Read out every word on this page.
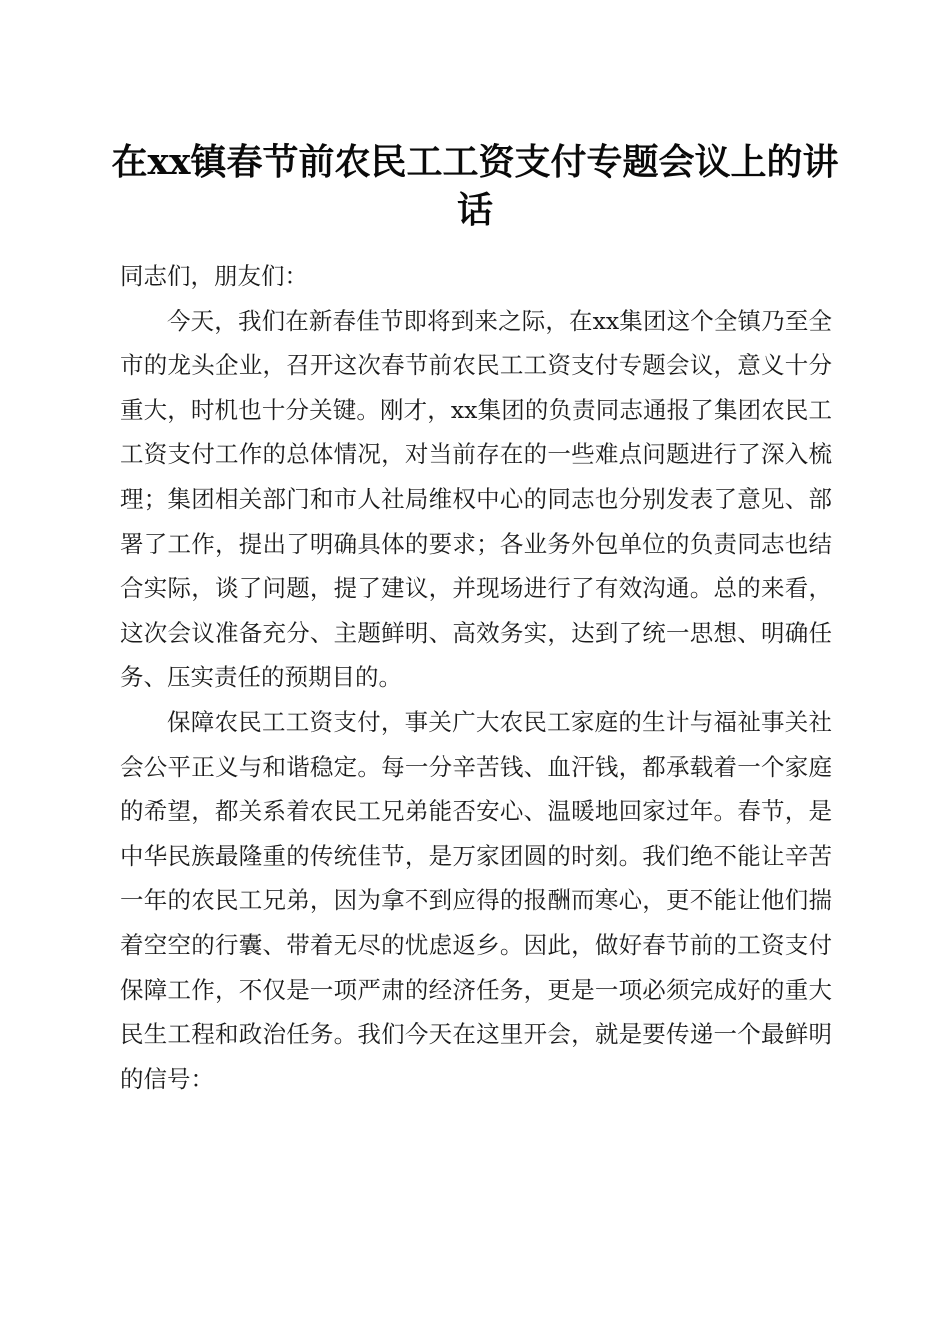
在xx镇春节前农民工工资支付专题会议上的讲话

同志们，朋友们：

今天，我们在新春佳节即将到来之际，在xx集团这个全镇乃至全市的龙头企业，召开这次春节前农民工工资支付专题会议，意义十分重大，时机也十分关键。刚才，xx集团的负责同志通报了集团农民工工资支付工作的总体情况，对当前存在的一些难点问题进行了深入梳理；集团相关部门和市人社局维权中心的同志也分别发表了意见、部署了工作，提出了明确具体的要求；各业务外包单位的负责同志也结合实际，谈了问题，提了建议，并现场进行了有效沟通。总的来看，这次会议准备充分、主题鲜明、高效务实，达到了统一思想、明确任务、压实责任的预期目的。

保障农民工工资支付，事关广大农民工家庭的生计与福祉事关社会公平正义与和谐稳定。每一分辛苦钱、血汗钱，都承载着一个家庭的希望，都关系着农民工兄弟能否安心、温暖地回家过年。春节，是中华民族最隆重的传统佳节，是万家团圆的时刻。我们绝不能让辛苦一年的农民工兄弟，因为拿不到应得的报酬而寒心，更不能让他们揣着空空的行囊、带着无尽的忧虑返乡。因此，做好春节前的工资支付保障工作，不仅是一项严肃的经济任务，更是一项必须完成好的重大民生工程和政治任务。我们今天在这里开会，就是要传递一个最鲜明的信号：
